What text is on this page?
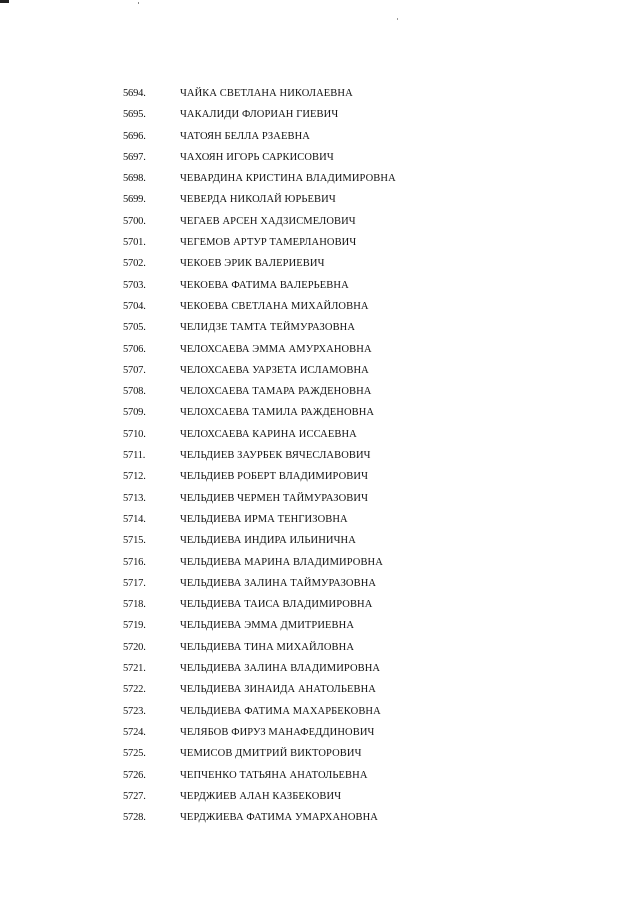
5694.	ЧАЙКА СВЕТЛАНА НИКОЛАЕВНА
5695.	ЧАКАЛИДИ ФЛОРИАН ГИЕВИЧ
5696.	ЧАТОЯН БЕЛЛА РЗАЕВНА
5697.	ЧАХОЯН ИГОРЬ САРКИСОВИЧ
5698.	ЧЕВАРДИНА КРИСТИНА ВЛАДИМИРОВНА
5699.	ЧЕВЕРДА НИКОЛАЙ ЮРЬЕВИЧ
5700.	ЧЕГАЕВ АРСЕН ХАДЗИСМЕЛОВИЧ
5701.	ЧЕГЕМОВ АРТУР ТАМЕРЛАНОВИЧ
5702.	ЧЕКОЕВ ЭРИК ВАЛЕРИЕВИЧ
5703.	ЧЕКОЕВА ФАТИМА ВАЛЕРЬЕВНА
5704.	ЧЕКОЕВА СВЕТЛАНА МИХАЙЛОВНА
5705.	ЧЕЛИДЗЕ ТАМТА ТЕЙМУРАЗОВНА
5706.	ЧЕЛОХСАЕВА ЭММА АМУРХАНОВНА
5707.	ЧЕЛОХСАЕВА УАРЗЕТА ИСЛАМОВНА
5708.	ЧЕЛОХСАЕВА ТАМАРА РАЖДЕНОВНА
5709.	ЧЕЛОХСАЕВА ТАМИЛА РАЖДЕНОВНА
5710.	ЧЕЛОХСАЕВА КАРИНА ИССАЕВНА
5711.	ЧЕЛЬДИЕВ ЗАУРБЕК ВЯЧЕСЛАВОВИЧ
5712.	ЧЕЛЬДИЕВ РОБЕРТ ВЛАДИМИРОВИЧ
5713.	ЧЕЛЬДИЕВ ЧЕРМЕН ТАЙМУРАЗОВИЧ
5714.	ЧЕЛЬДИЕВА ИРМА ТЕНГИЗОВНА
5715.	ЧЕЛЬДИЕВА ИНДИРА ИЛЬИНИЧНА
5716.	ЧЕЛЬДИЕВА МАРИНА ВЛАДИМИРОВНА
5717.	ЧЕЛЬДИЕВА ЗАЛИНА ТАЙМУРАЗОВНА
5718.	ЧЕЛЬДИЕВА ТАИСА ВЛАДИМИРОВНА
5719.	ЧЕЛЬДИЕВА ЭММА ДМИТРИЕВНА
5720.	ЧЕЛЬДИЕВА ТИНА МИХАЙЛОВНА
5721.	ЧЕЛЬДИЕВА ЗАЛИНА ВЛАДИМИРОВНА
5722.	ЧЕЛЬДИЕВА ЗИНАИДА АНАТОЛЬЕВНА
5723.	ЧЕЛЬДИЕВА ФАТИМА МАХАРБЕКОВНА
5724.	ЧЕЛЯБОВ ФИРУЗ МАНАФЕДДИНОВИЧ
5725.	ЧЕМИСОВ ДМИТРИЙ ВИКТОРОВИЧ
5726.	ЧЕПЧЕНКО ТАТЬЯНА АНАТОЛЬЕВНА
5727.	ЧЕРДЖИЕВ АЛАН КАЗБЕКОВИЧ
5728.	ЧЕРДЖИЕВА ФАТИМА УМАРХАНОВНА
